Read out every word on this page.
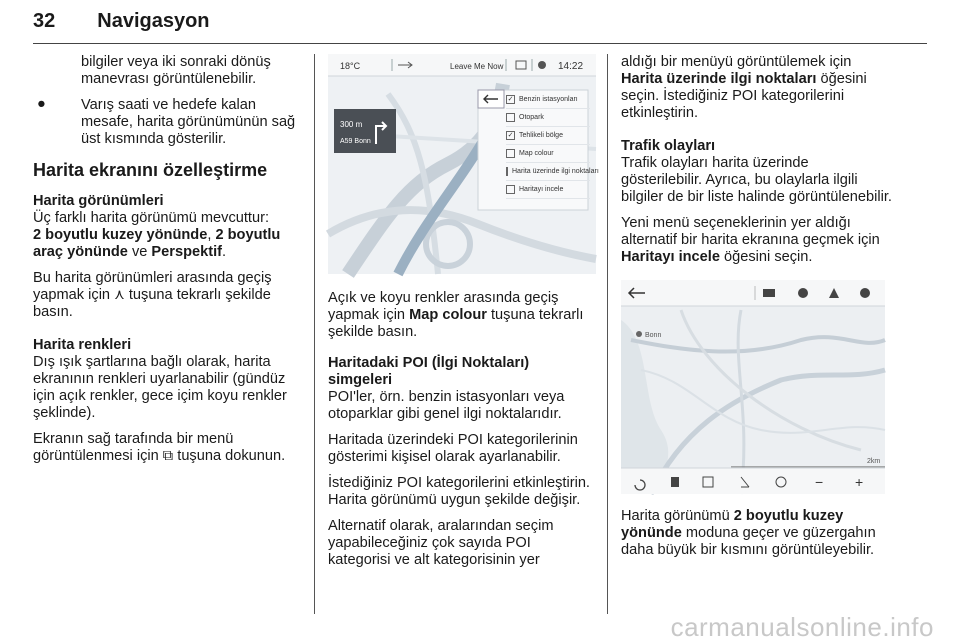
32 Navigasyon

bilgiler veya iki sonraki dönüş manevrası görüntülenebilir.

● Varış saati ve hedefe kalan mesafe, harita görünümünün sağ üst kısmında gösterilir.

Harita ekranını özelleştirme
Harita görünümleri

Üç farklı harita görünümü mevcuttur:
2 boyutlu kuzey yönünde, 2 boyutlu araç yönünde ve Perspektif.

Bu harita görünümleri arasında geçiş yapmak için ⋏ tuşuna tekrarlı şekilde basın.

Harita renkleri

Dış ışık şartlarına bağlı olarak, harita ekranının renkleri uyarlanabilir (gündüz için açık renkler, gece içim koyu renkler şeklinde).

Ekranın sağ tarafında bir menü görüntülenmesi için ⧉ tuşuna dokunun.

18°C	Leave Me Now	14:22
300 m
A59 Bonn
✓ Benzin istasyonları
Otopark
✓ Tehlikeli bölge
Map colour
Harita üzerinde ilgi noktaları
Haritayı incele

Açık ve koyu renkler arasında geçiş yapmak için Map colour tuşuna tekrarlı şekilde basın.

Haritadaki POI (İlgi Noktaları) simgeleri

POI'ler, örn. benzin istasyonları veya otoparklar gibi genel ilgi noktalarıdır.

Haritada üzerindeki POI kategorilerinin gösterimi kişisel olarak ayarlanabilir.

İstediğiniz POI kategorilerini etkinleştirin. Harita görünümü uygun şekilde değişir.

Alternatif olarak, aralarından seçim yapabileceğiniz çok sayıda POI kategorisi ve alt kategorisinin yer

aldığı bir menüyü görüntülemek için Harita üzerinde ilgi noktaları öğesini seçin. İstediğiniz POI kategorilerini etkinleştirin.

Trafik olayları

Trafik olayları harita üzerinde gösterilebilir. Ayrıca, bu olaylarla ilgili bilgiler de bir liste halinde görüntülenebilir.

Yeni menü seçeneklerinin yer aldığı alternatif bir harita ekranına geçmek için Haritayı incele öğesini seçin.

Bonn
2km
− +

Harita görünümü 2 boyutlu kuzey yönünde moduna geçer ve güzergahın daha büyük bir kısmını görüntüleyebilir.

carmanualsonline.info
